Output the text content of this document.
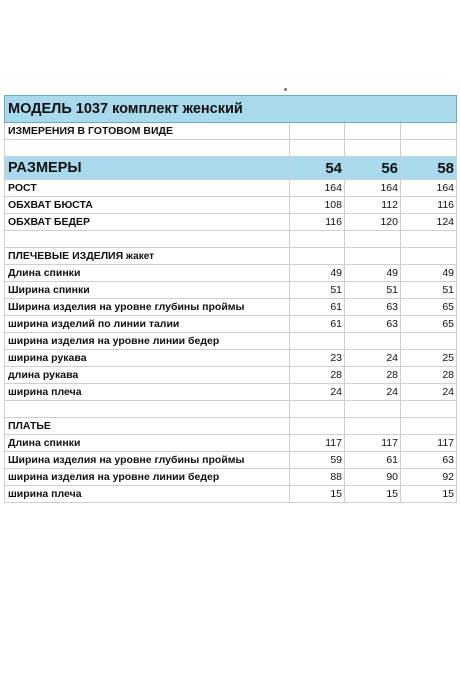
МОДЕЛЬ 1037 комплект женский			
ИЗМЕРЕНИЯ В ГОТОВОМ ВИДЕ			

РАЗМЕРЫ	54	56	58
РОСТ	164	164	164
ОБХВАТ БЮСТА	108	112	116
ОБХВАТ БЕДЕР	116	120	124

ПЛЕЧЕВЫЕ ИЗДЕЛИЯ жакет			
Длина спинки	49	49	49
Ширина спинки	51	51	51
Ширина изделия на уровне глубины проймы	61	63	65
ширина изделий по линии талии	61	63	65
ширина изделия на уровне линии бедер			
ширина рукава	23	24	25
длина рукава	28	28	28
ширина плеча	24	24	24

ПЛАТЬЕ			
Длина спинки	117	117	117
Ширина изделия на уровне глубины проймы	59	61	63
ширина изделия на уровне линии бедер	88	90	92
ширина плеча	15	15	15
